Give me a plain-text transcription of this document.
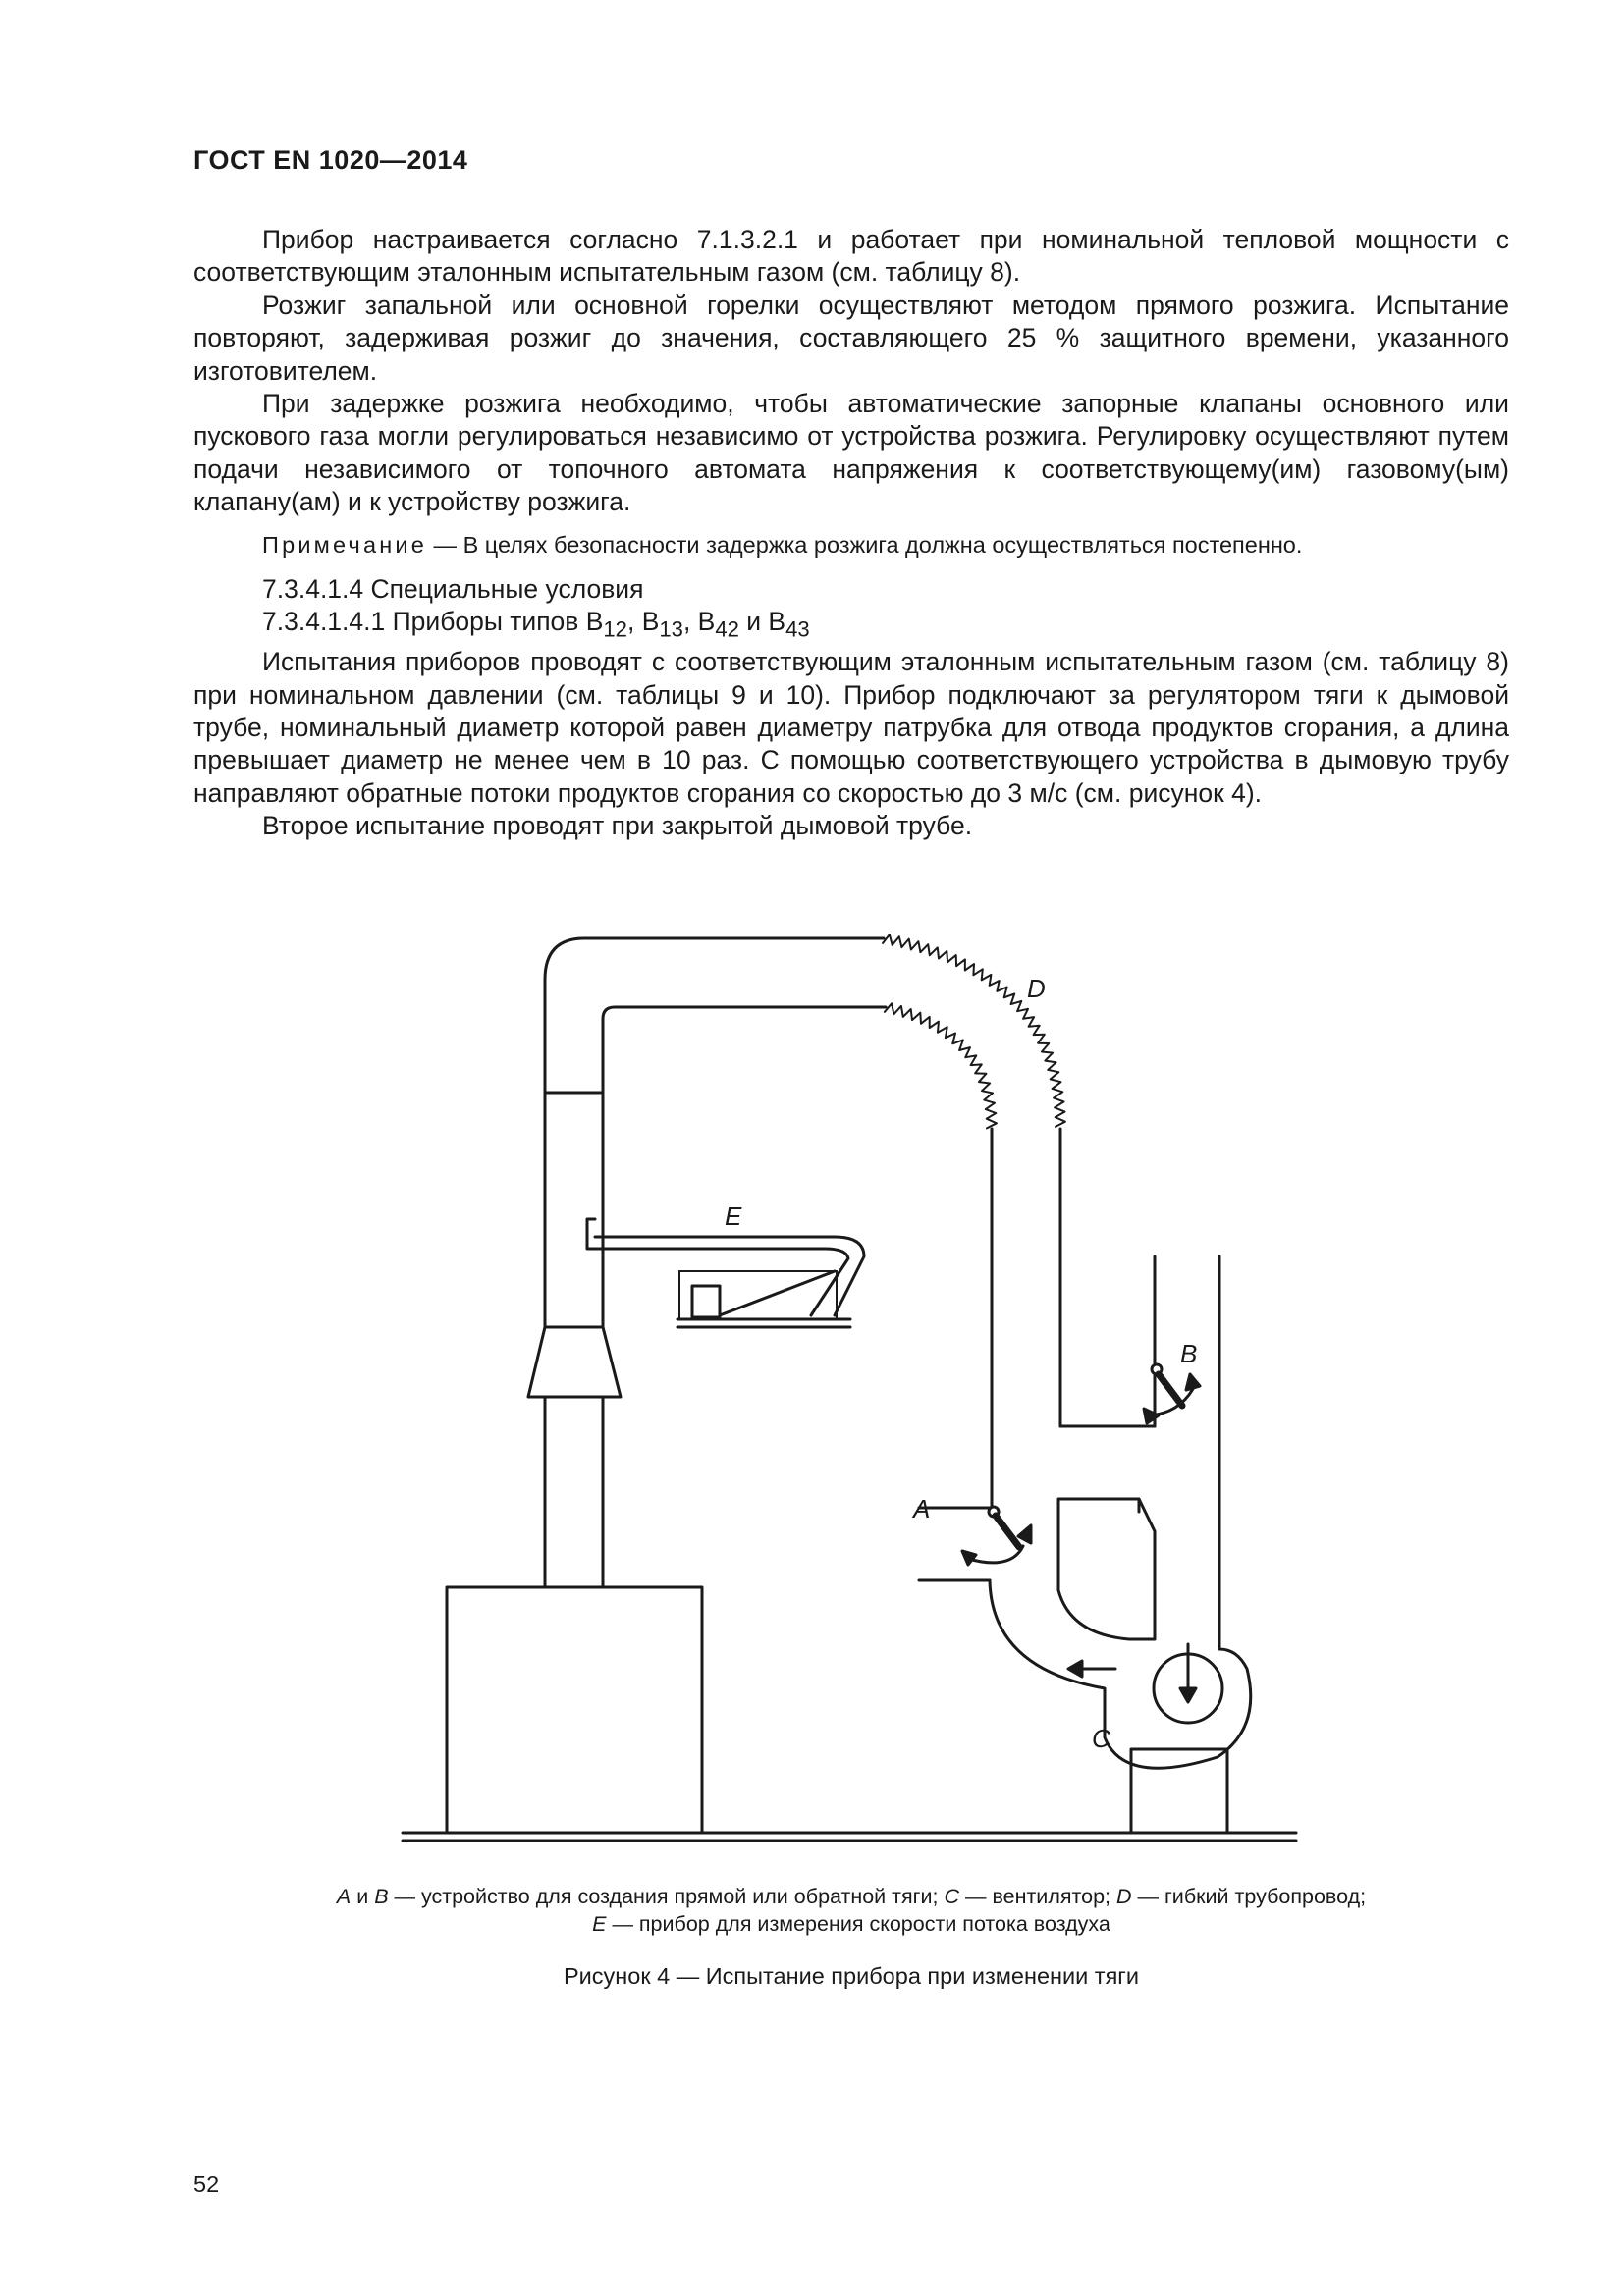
ГОСТ EN 1020—2014

Прибор настраивается согласно 7.1.3.2.1 и работает при номинальной тепловой мощности с соответствующим эталонным испытательным газом (см. таблицу 8).

Розжиг запальной или основной горелки осуществляют методом прямого розжига. Испытание повторяют, задерживая розжиг до значения, составляющего 25 % защитного времени, указанного изготовителем.

При задержке розжига необходимо, чтобы автоматические запорные клапаны основного или пускового газа могли регулироваться независимо от устройства розжига. Регулировку осуществляют путем подачи независимого от топочного автомата напряжения к соответствующему(им) газовому(ым) клапану(ам) и к устройству розжига.

Примечание — В целях безопасности задержка розжига должна осуществляться постепенно.

7.3.4.1.4 Специальные условия

7.3.4.1.4.1 Приборы типов $B_{12}$, $B_{13}$, $B_{42}$ и $B_{43}$

Испытания приборов проводят с соответствующим эталонным испытательным газом (см. таблицу 8) при номинальном давлении (см. таблицы 9 и 10). Прибор подключают за регулятором тяги к дымовой трубе, номинальный диаметр которой равен диаметру патрубка для отвода продуктов сгорания, а длина превышает диаметр не менее чем в 10 раз. С помощью соответствующего устройства в дымовую трубу направляют обратные потоки продуктов сгорания со скоростью до 3 м/с (см. рисунок 4).

Второе испытание проводят при закрытой дымовой трубе.

A
B
C
D
E
A и B — устройство для создания прямой или обратной тяги; C — вентилятор; D — гибкий трубопровод;
E — прибор для измерения скорости потока воздуха
Рисунок 4 — Испытание прибора при изменении тяги
52
